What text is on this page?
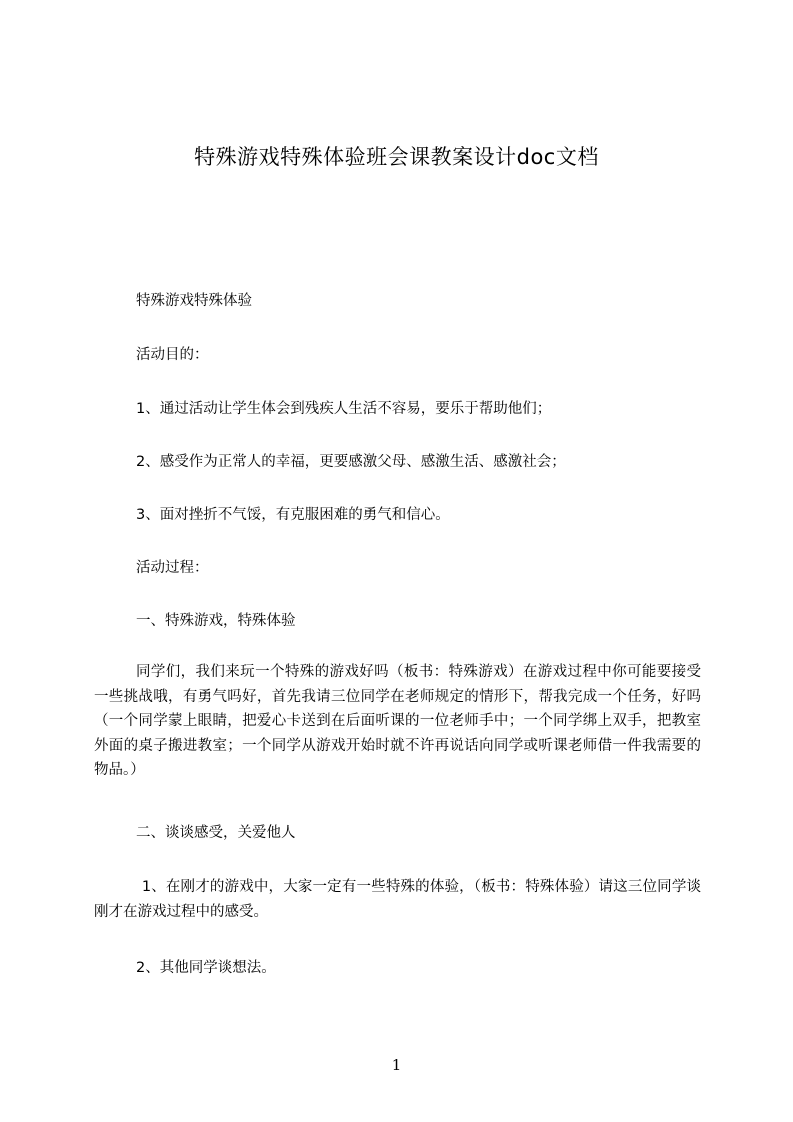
特殊游戏特殊体验班会课教案设计doc文档
特殊游戏特殊体验
活动目的：
1、通过活动让学生体会到残疾人生活不容易，要乐于帮助他们；
2、感受作为正常人的幸福，更要感激父母、感激生活、感激社会；
3、面对挫折不气馁，有克服困难的勇气和信心。
活动过程：
一、特殊游戏，特殊体验
同学们，我们来玩一个特殊的游戏好吗（板书：特殊游戏）在游戏过程中你可能要接受一些挑战哦，有勇气吗好，首先我请三位同学在老师规定的情形下，帮我完成一个任务，好吗（一个同学蒙上眼睛，把爱心卡送到在后面听课的一位老师手中；一个同学绑上双手，把教室外面的桌子搬进教室；一个同学从游戏开始时就不许再说话向同学或听课老师借一件我需要的物品。）
二、谈谈感受，关爱他人
1、在刚才的游戏中，大家一定有一些特殊的体验，（板书：特殊体验）请这三位同学谈刚才在游戏过程中的感受。
2、其他同学谈想法。
1
